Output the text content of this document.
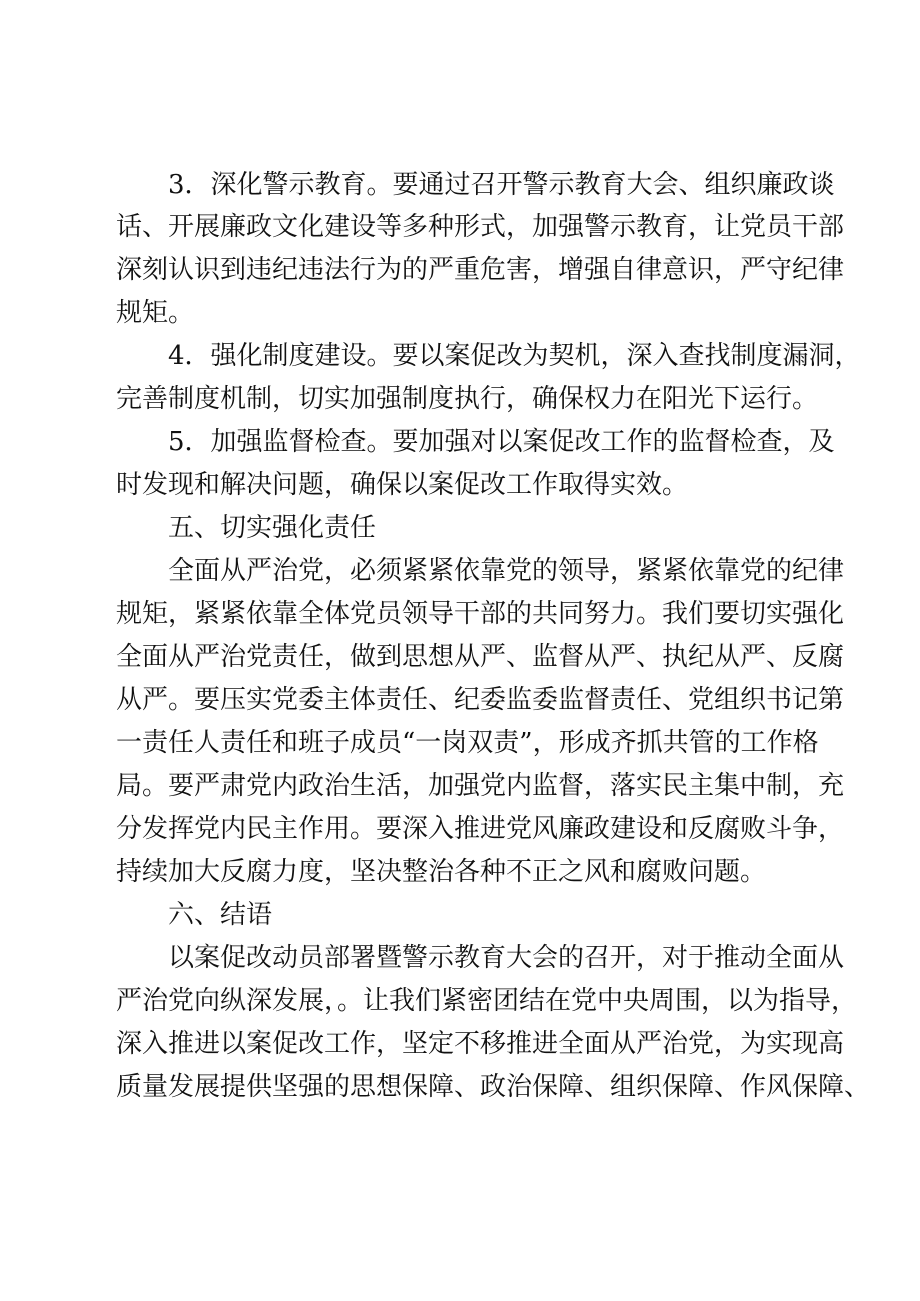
3．深化警示教育。要通过召开警示教育大会、组织廉政谈
话、开展廉政文化建设等多种形式，加强警示教育，让党员干部
深刻认识到违纪违法行为的严重危害，增强自律意识，严守纪律
规矩。
4．强化制度建设。要以案促改为契机，深入查找制度漏洞，
完善制度机制，切实加强制度执行，确保权力在阳光下运行。
5．加强监督检查。要加强对以案促改工作的监督检查，及
时发现和解决问题，确保以案促改工作取得实效。
五、切实强化责任
全面从严治党，必须紧紧依靠党的领导，紧紧依靠党的纪律
规矩，紧紧依靠全体党员领导干部的共同努力。我们要切实强化
全面从严治党责任，做到思想从严、监督从严、执纪从严、反腐
从严。要压实党委主体责任、纪委监委监督责任、党组织书记第
一责任人责任和班子成员“一岗双责”，形成齐抓共管的工作格
局。要严肃党内政治生活，加强党内监督，落实民主集中制，充
分发挥党内民主作用。要深入推进党风廉政建设和反腐败斗争，
持续加大反腐力度，坚决整治各种不正之风和腐败问题。
六、结语
以案促改动员部署暨警示教育大会的召开，对于推动全面从
严治党向纵深发展，。让我们紧密团结在党中央周围，以为指导，
深入推进以案促改工作，坚定不移推进全面从严治党，为实现高
质量发展提供坚强的思想保障、政治保障、组织保障、作风保障、
